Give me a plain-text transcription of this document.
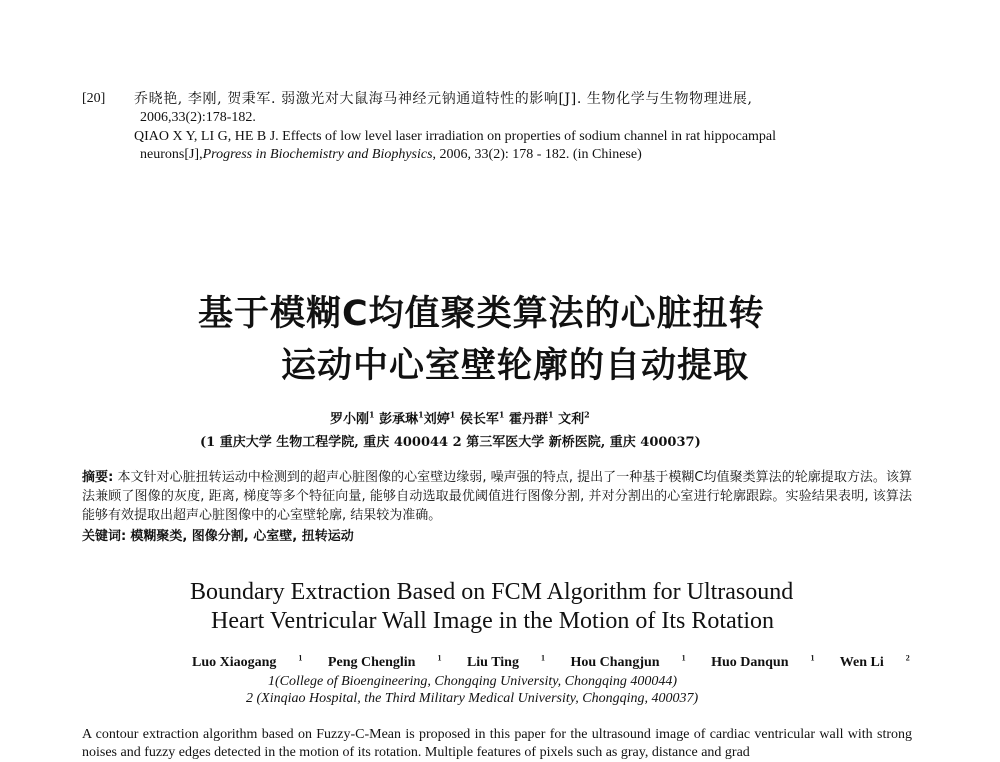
[20] 乔晓艳, 李刚, 贺秉军. 弱激光对大鼠海马神经元钠通道特性的影响[J]. 生物化学与生物物理进展,
2006,33(2):178-182.
QIAO X Y, LI G, HE B J. Effects of low level laser irradiation on properties of sodium channel in rat hippocampal
neurons[J],Progress in Biochemistry and Biophysics, 2006, 33(2): 178 - 182. (in Chinese)
基于模糊C均值聚类算法的心脏扭转
运动中心室壁轮廓的自动提取
罗小刚$^1$ 彭承琳$^1$刘婷$^1$ 侯长军$^1$ 霍丹群$^1$ 文利$^2$
(1 重庆大学 生物工程学院, 重庆 400044 2 第三军医大学 新桥医院, 重庆 400037)
摘要: 本文针对心脏扭转运动中检测到的超声心脏图像的心室壁边缘弱, 噪声强的特点, 提出了一种基于模糊C均值聚类算法的轮廓提取方法。该算法兼顾了图像的灰度, 距离, 梯度等多个特征向量, 能够自动选取最优阈值进行图像分割, 并对分割出的心室进行轮廓跟踪。实验结果表明, 该算法能够有效提取出超声心脏图像中的心室壁轮廓, 结果较为准确。
关键词: 模糊聚类, 图像分割, 心室壁, 扭转运动
Boundary Extraction Based on FCM Algorithm for Ultrasound
Heart Ventricular Wall Image in the Motion of Its Rotation
Luo Xiaogang	$^1$ Peng Chenglin	$^1$ Liu Ting	$^1$ Hou Changjun	$^1$ Huo Danqun	$^1$ Wen Li	$^2$
1(College of Bioengineering, Chongqing University, Chongqing 400044)
2 (Xinqiao Hospital, the Third Military Medical University, Chongqing, 400037)
A contour extraction algorithm based on Fuzzy-C-Mean is proposed in this paper for the ultrasound image of cardiac ventricular wall with strong noises and fuzzy edges detected in the motion of its rotation. Multiple features of pixels such as gray, distance and grad
